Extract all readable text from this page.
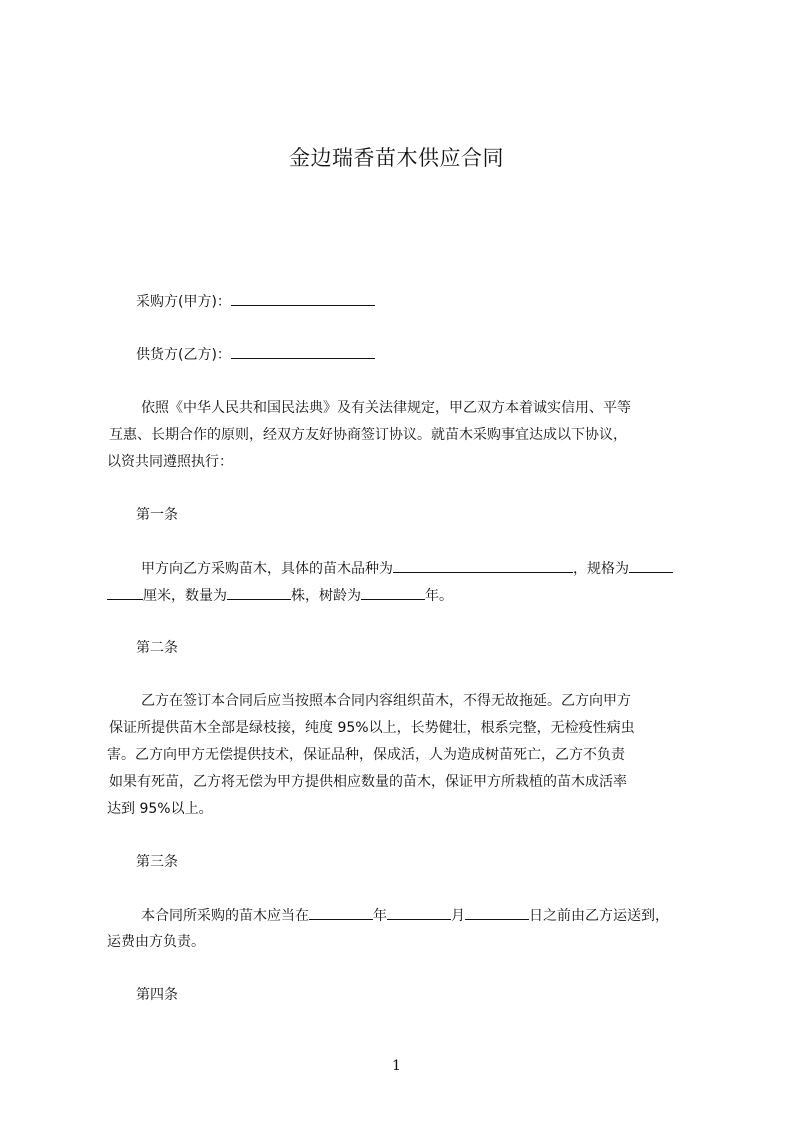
金边瑞香苗木供应合同

采购方(甲方)：

供货方(乙方)：

依照《中华人民共和国民法典》及有关法律规定，甲乙双方本着诚实信用、平等

互惠、长期合作的原则，经双方友好协商签订协议。就苗木采购事宜达成以下协议，

以资共同遵照执行：

第一条

甲方向乙方采购苗木，具体的苗木品种为	，规格为

厘米，数量为	株，树龄为	年。

第二条

乙方在签订本合同后应当按照本合同内容组织苗木，不得无故拖延。乙方向甲方

保证所提供苗木全部是绿枝接，纯度 95%以上，长势健壮，根系完整，无检疫性病虫

害。乙方向甲方无偿提供技术，保证品种，保成活，人为造成树苗死亡，乙方不负责

如果有死苗，乙方将无偿为甲方提供相应数量的苗木，保证甲方所栽植的苗木成活率

达到 95%以上。

第三条

本合同所采购的苗木应当在	年	月	日之前由乙方运送到，

运费由方负责。

第四条

1
